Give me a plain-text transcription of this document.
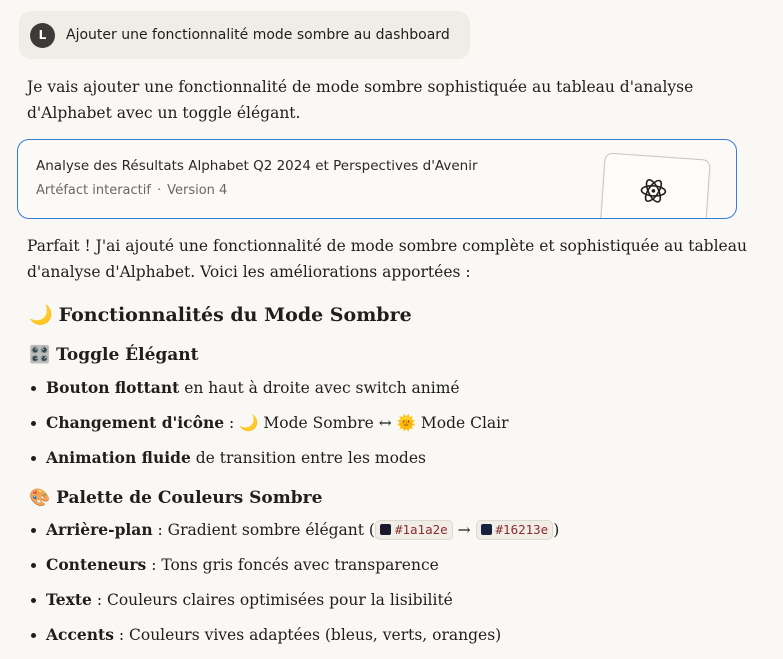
L	Ajouter une fonctionnalité mode sombre au dashboard

Je vais ajouter une fonctionnalité de mode sombre sophistiquée au tableau d'analyse d'Alphabet avec un toggle élégant.

Analyse des Résultats Alphabet Q2 2024 et Perspectives d'Avenir
Artéfact interactif · Version 4

Parfait ! J'ai ajouté une fonctionnalité de mode sombre complète et sophistiquée au tableau d'analyse d'Alphabet. Voici les améliorations apportées :

🌙 Fonctionnalités du Mode Sombre
🎛️ Toggle Élégant
Bouton flottant en haut à droite avec switch animé
Changement d'icône : 🌙 Mode Sombre ↔ 🌞 Mode Clair
Animation fluide de transition entre les modes
🎨 Palette de Couleurs Sombre
Arrière-plan : Gradient sombre élégant ( #1a1a2e → #16213e )
Conteneurs : Tons gris foncés avec transparence
Texte : Couleurs claires optimisées pour la lisibilité
Accents : Couleurs vives adaptées (bleus, verts, oranges)
